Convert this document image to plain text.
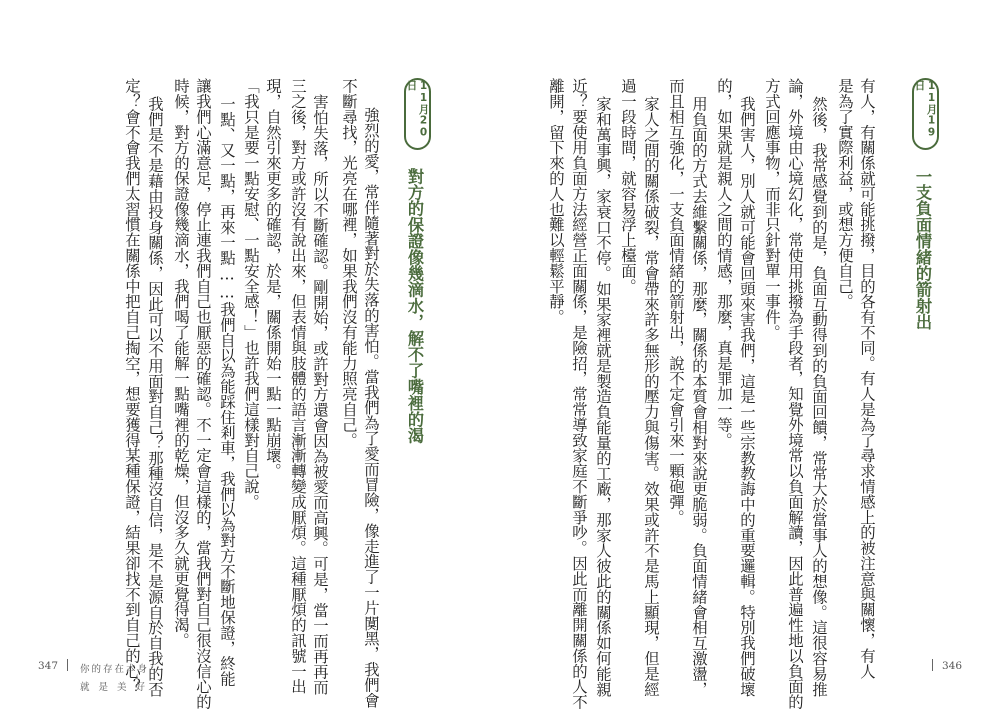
11月20日
對方的保證像幾滴水，解不了嘴裡的渴
強烈的愛，常伴隨著對於失落的害怕。當我們為了愛而冒險，像走進了一片闃黑，我們會
不斷尋找，光亮在哪裡，如果我們沒有能力照亮自己。
害怕失落，所以不斷確認。剛開始，或許對方還會因為被愛而高興。可是，當一而再再而
三之後，對方或許沒有說出來，但表情與肢體的語言漸漸轉變成厭煩。這種厭煩的訊號一出
現，自然引來更多的確認，於是，關係開始一點一點崩壞。
「我只是要一點安慰、一點安全感！」也許我們這樣對自己說。
一點、又一點，再來一點……我們自以為能踩住剎車，我們以為對方不斷地保證，終能
讓我們心滿意足，停止連我們自己也厭惡的確認。不一定會這樣的，當我們對自己很沒信心的
時候，對方的保證像幾滴水，我們喝了能解一點嘴裡的乾燥，但沒多久就更覺得渴。
我們是不是藉由投身關係，因此可以不用面對自己？那種沒自信，是不是源自於自我的否
定？會不會我們太習慣在關係中把自己掏空，想要獲得某種保證，結果卻找不到自己的心？
347 你的存在本身
就是美好
11月19日
一支負面情緒的箭射出
有人，有關係就可能挑撥，目的各有不同。有人是為了尋求情感上的被注意與關懷，有人
是為了實際利益，或想方便自己。
然後，我常感覺到的是，負面互動得到的負面回饋，常常大於當事人的想像。這很容易推
論，外境由心境幻化，常使用挑撥為手段者，知覺外境常以負面解讀，因此普遍性地以負面的
方式回應事物，而非只針對單一事件。
我們害人，別人就可能會回頭來害我們，這是一些宗教教誨中的重要邏輯。特別我們破壞
的，如果就是親人之間的情感，那麼，真是罪加一等。
用負面的方式去維繫關係，那麼，關係的本質會相對來說更脆弱。負面情緒會相互激盪，
而且相互強化，一支負面情緒的箭射出，說不定會引來一顆砲彈。
家人之間的關係破裂，常會帶來許多無形的壓力與傷害。效果或許不是馬上顯現，但是經
過一段時間，就容易浮上檯面。
家和萬事興，家衰口不停。如果家裡就是製造負能量的工廠，那家人彼此的關係如何能親
近？要使用負面方法經營正面關係，是險招，常常導致家庭不斷爭吵。因此而離開關係的人不
離開，留下來的人也難以輕鬆平靜。
346
